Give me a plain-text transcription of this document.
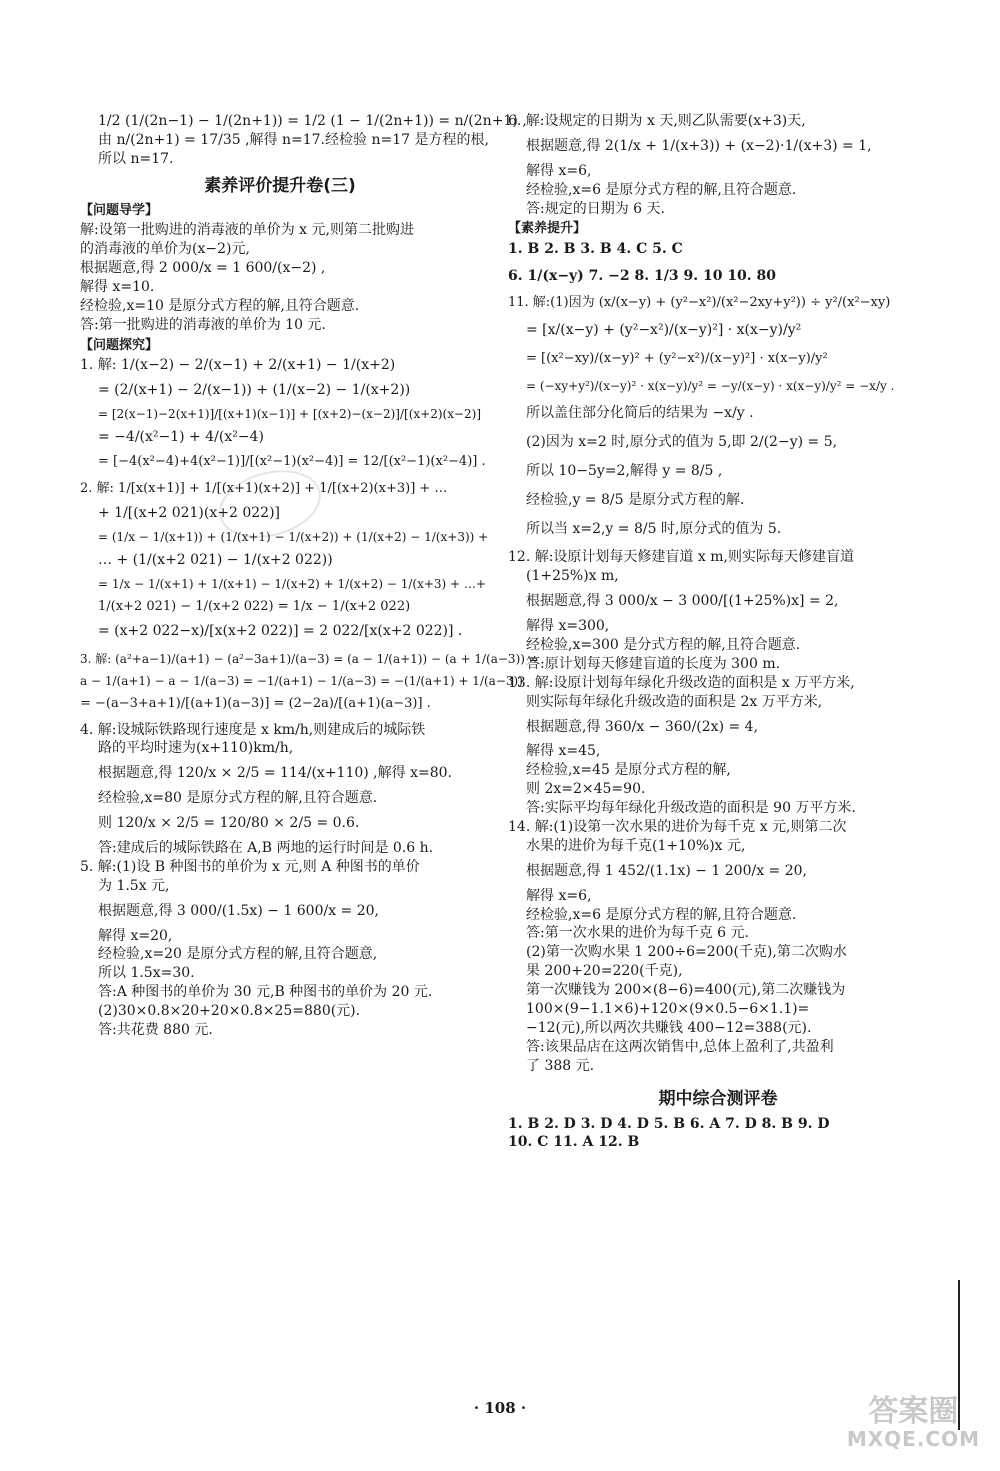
1/2 (1/(2n−1) − 1/(2n+1)) = 1/2 (1 − 1/(2n+1)) = n/(2n+1) ,

由 n/(2n+1) = 17/35 ,解得 n=17.经检验 n=17 是方程的根,

所以 n=17.

素养评价提升卷(三)
【问题导学】

解:设第一批购进的消毒液的单价为 x 元,则第二批购进

的消毒液的单价为(x−2)元,

根据题意,得 2 000/x = 1 600/(x−2) ,

解得 x=10.

经检验,x=10 是原分式方程的解,且符合题意.

答:第一批购进的消毒液的单价为 10 元.

【问题探究】

1. 解: 1/(x−2) − 2/(x−1) + 2/(x+1) − 1/(x+2)

= (2/(x+1) − 2/(x−1)) + (1/(x−2) − 1/(x+2))

= [2(x−1)−2(x+1)]/[(x+1)(x−1)] + [(x+2)−(x−2)]/[(x+2)(x−2)]

= −4/(x²−1) + 4/(x²−4)

= [−4(x²−4)+4(x²−1)]/[(x²−1)(x²−4)] = 12/[(x²−1)(x²−4)] .

2. 解: 1/[x(x+1)] + 1/[(x+1)(x+2)] + 1/[(x+2)(x+3)] + …

+ 1/[(x+2 021)(x+2 022)]

= (1/x − 1/(x+1)) + (1/(x+1) − 1/(x+2)) + (1/(x+2) − 1/(x+3)) +

… + (1/(x+2 021) − 1/(x+2 022))

= 1/x − 1/(x+1) + 1/(x+1) − 1/(x+2) + 1/(x+2) − 1/(x+3) + …+

1/(x+2 021) − 1/(x+2 022) = 1/x − 1/(x+2 022)

= (x+2 022−x)/[x(x+2 022)] = 2 022/[x(x+2 022)] .

3. 解: (a²+a−1)/(a+1) − (a²−3a+1)/(a−3) = (a − 1/(a+1)) − (a + 1/(a−3)) =

a − 1/(a+1) − a − 1/(a−3) = −1/(a+1) − 1/(a−3) = −(1/(a+1) + 1/(a−3))

= −(a−3+a+1)/[(a+1)(a−3)] = (2−2a)/[(a+1)(a−3)] .

4. 解:设城际铁路现行速度是 x km/h,则建成后的城际铁

路的平均时速为(x+110)km/h,

根据题意,得 120/x × 2/5 = 114/(x+110) ,解得 x=80.

经检验,x=80 是原分式方程的解,且符合题意.

则 120/x × 2/5 = 120/80 × 2/5 = 0.6.

答:建成后的城际铁路在 A,B 两地的运行时间是 0.6 h.

5. 解:(1)设 B 种图书的单价为 x 元,则 A 种图书的单价

为 1.5x 元,

根据题意,得 3 000/(1.5x) − 1 600/x = 20,

解得 x=20,

经检验,x=20 是原分式方程的解,且符合题意,

所以 1.5x=30.

答:A 种图书的单价为 30 元,B 种图书的单价为 20 元.

(2)30×0.8×20+20×0.8×25=880(元).

答:共花费 880 元.

6. 解:设规定的日期为 x 天,则乙队需要(x+3)天,

根据题意,得 2(1/x + 1/(x+3)) + (x−2)·1/(x+3) = 1,

解得 x=6,

经检验,x=6 是原分式方程的解,且符合题意.

答:规定的日期为 6 天.

【素养提升】

1. B 2. B 3. B 4. C 5. C

6. 1/(x−y) 7. −2 8. 1/3 9. 10 10. 80

11. 解:(1)因为 (x/(x−y) + (y²−x²)/(x²−2xy+y²)) ÷ y²/(x²−xy)

= [x/(x−y) + (y²−x²)/(x−y)²] · x(x−y)/y²

= [(x²−xy)/(x−y)² + (y²−x²)/(x−y)²] · x(x−y)/y²

= (−xy+y²)/(x−y)² · x(x−y)/y² = −y/(x−y) · x(x−y)/y² = −x/y .

所以盖住部分化简后的结果为 −x/y .

(2)因为 x=2 时,原分式的值为 5,即 2/(2−y) = 5,

所以 10−5y=2,解得 y = 8/5 ,

经检验,y = 8/5 是原分式方程的解.

所以当 x=2,y = 8/5 时,原分式的值为 5.

12. 解:设原计划每天修建盲道 x m,则实际每天修建盲道

(1+25%)x m,

根据题意,得 3 000/x − 3 000/[(1+25%)x] = 2,

解得 x=300,

经检验,x=300 是分式方程的解,且符合题意.

答:原计划每天修建盲道的长度为 300 m.

13. 解:设原计划每年绿化升级改造的面积是 x 万平方米,

则实际每年绿化升级改造的面积是 2x 万平方米,

根据题意,得 360/x − 360/(2x) = 4,

解得 x=45,

经检验,x=45 是原分式方程的解,

则 2x=2×45=90.

答:实际平均每年绿化升级改造的面积是 90 万平方米.

14. 解:(1)设第一次水果的进价为每千克 x 元,则第二次

水果的进价为每千克(1+10%)x 元,

根据题意,得 1 452/(1.1x) − 1 200/x = 20,

解得 x=6,

经检验,x=6 是原分式方程的解,且符合题意.

答:第一次水果的进价为每千克 6 元.

(2)第一次购水果 1 200÷6=200(千克),第二次购水

果 200+20=220(千克),

第一次赚钱为 200×(8−6)=400(元),第二次赚钱为

100×(9−1.1×6)+120×(9×0.5−6×1.1)=

−12(元),所以两次共赚钱 400−12=388(元).

答:该果品店在这两次销售中,总体上盈利了,共盈利

了 388 元.

期中综合测评卷

1. B 2. D 3. D 4. D 5. B 6. A 7. D 8. B 9. D

10. C 11. A 12. B

· 108 ·	答案圈
MXQE.COM
